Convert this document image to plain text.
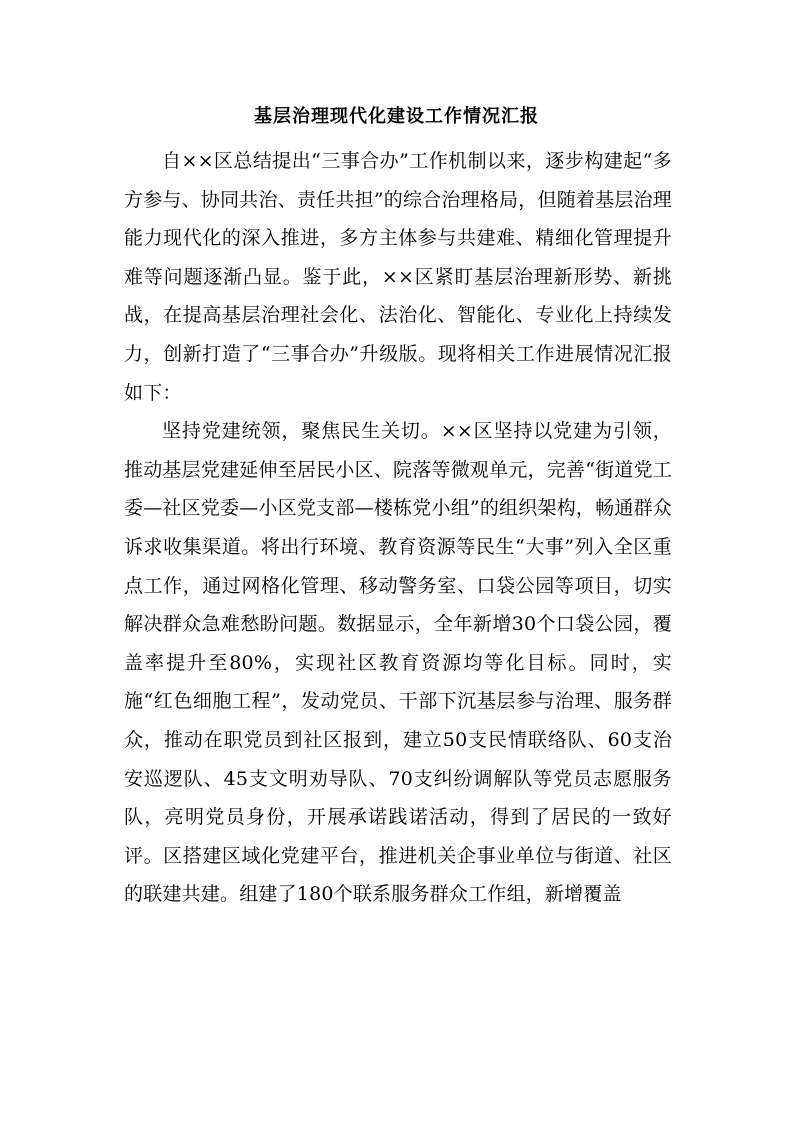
基层治理现代化建设工作情况汇报

自××区总结提出“三事合办”工作机制以来，逐步构建起“多方参与、协同共治、责任共担”的综合治理格局，但随着基层治理能力现代化的深入推进，多方主体参与共建难、精细化管理提升难等问题逐渐凸显。鉴于此，××区紧盯基层治理新形势、新挑战，在提高基层治理社会化、法治化、智能化、专业化上持续发力，创新打造了“三事合办”升级版。现将相关工作进展情况汇报如下：

坚持党建统领，聚焦民生关切。××区坚持以党建为引领，推动基层党建延伸至居民小区、院落等微观单元，完善“街道党工委—社区党委—小区党支部—楼栋党小组”的组织架构，畅通群众诉求收集渠道。将出行环境、教育资源等民生“大事”列入全区重点工作，通过网格化管理、移动警务室、口袋公园等项目，切实解决群众急难愁盼问题。数据显示，全年新增30个口袋公园，覆盖率提升至80%，实现社区教育资源均等化目标。同时，实施“红色细胞工程”，发动党员、干部下沉基层参与治理、服务群众，推动在职党员到社区报到，建立50支民情联络队、60支治安巡逻队、45支文明劝导队、70支纠纷调解队等党员志愿服务队，亮明党员身份，开展承诺践诺活动，得到了居民的一致好评。区搭建区域化党建平台，推进机关企事业单位与街道、社区的联建共建。组建了180个联系服务群众工作组，新增覆盖
